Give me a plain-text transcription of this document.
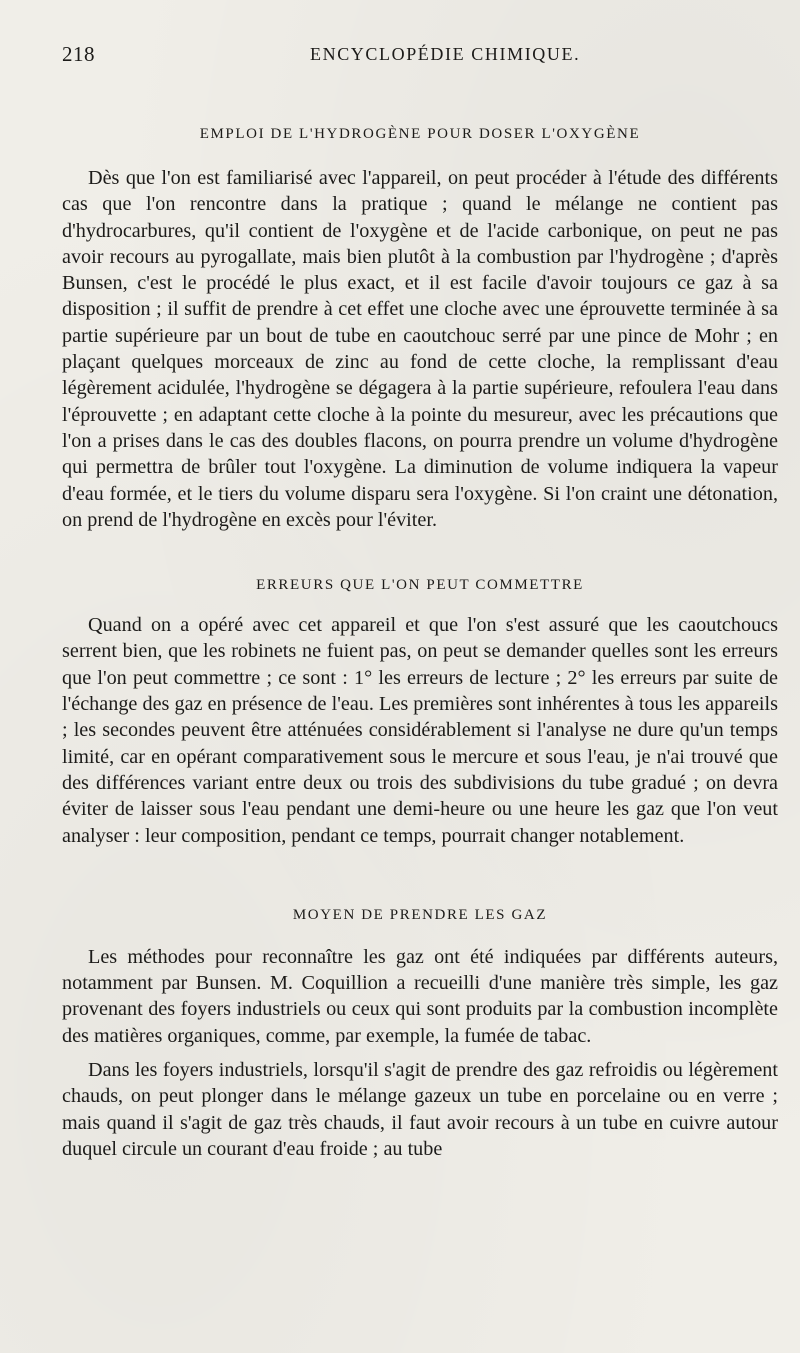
218	ENCYCLOPÉDIE CHIMIQUE.
EMPLOI DE L'HYDROGÈNE POUR DOSER L'OXYGÈNE

Dès que l'on est familiarisé avec l'appareil, on peut procéder à l'étude des différents cas que l'on rencontre dans la pratique ; quand le mélange ne contient pas d'hydrocarbures, qu'il contient de l'oxygène et de l'acide carbonique, on peut ne pas avoir recours au pyrogallate, mais bien plutôt à la combustion par l'hydrogène ; d'après Bunsen, c'est le procédé le plus exact, et il est facile d'avoir toujours ce gaz à sa disposition ; il suffit de prendre à cet effet une cloche avec une éprouvette terminée à sa partie supérieure par un bout de tube en caoutchouc serré par une pince de Mohr ; en plaçant quelques morceaux de zinc au fond de cette cloche, la remplissant d'eau légèrement acidulée, l'hydrogène se dégagera à la partie supérieure, refoulera l'eau dans l'éprouvette ; en adaptant cette cloche à la pointe du mesureur, avec les précautions que l'on a prises dans le cas des doubles flacons, on pourra prendre un volume d'hydrogène qui permettra de brûler tout l'oxygène. La diminution de volume indiquera la vapeur d'eau formée, et le tiers du volume disparu sera l'oxygène. Si l'on craint une détonation, on prend de l'hydrogène en excès pour l'éviter.

ERREURS QUE L'ON PEUT COMMETTRE

Quand on a opéré avec cet appareil et que l'on s'est assuré que les caoutchoucs serrent bien, que les robinets ne fuient pas, on peut se demander quelles sont les erreurs que l'on peut commettre ; ce sont : 1° les erreurs de lecture ; 2° les erreurs par suite de l'échange des gaz en présence de l'eau. Les premières sont inhérentes à tous les appareils ; les secondes peuvent être atténuées considérablement si l'analyse ne dure qu'un temps limité, car en opérant comparativement sous le mercure et sous l'eau, je n'ai trouvé que des différences variant entre deux ou trois des subdivisions du tube gradué ; on devra éviter de laisser sous l'eau pendant une demi-heure ou une heure les gaz que l'on veut analyser : leur composition, pendant ce temps, pourrait changer notablement.

MOYEN DE PRENDRE LES GAZ

Les méthodes pour reconnaître les gaz ont été indiquées par différents auteurs, notamment par Bunsen. M. Coquillion a recueilli d'une manière très simple, les gaz provenant des foyers industriels ou ceux qui sont produits par la combustion incomplète des matières organiques, comme, par exemple, la fumée de tabac.

Dans les foyers industriels, lorsqu'il s'agit de prendre des gaz refroidis ou légèrement chauds, on peut plonger dans le mélange gazeux un tube en porcelaine ou en verre ; mais quand il s'agit de gaz très chauds, il faut avoir recours à un tube en cuivre autour duquel circule un courant d'eau froide ; au tube
